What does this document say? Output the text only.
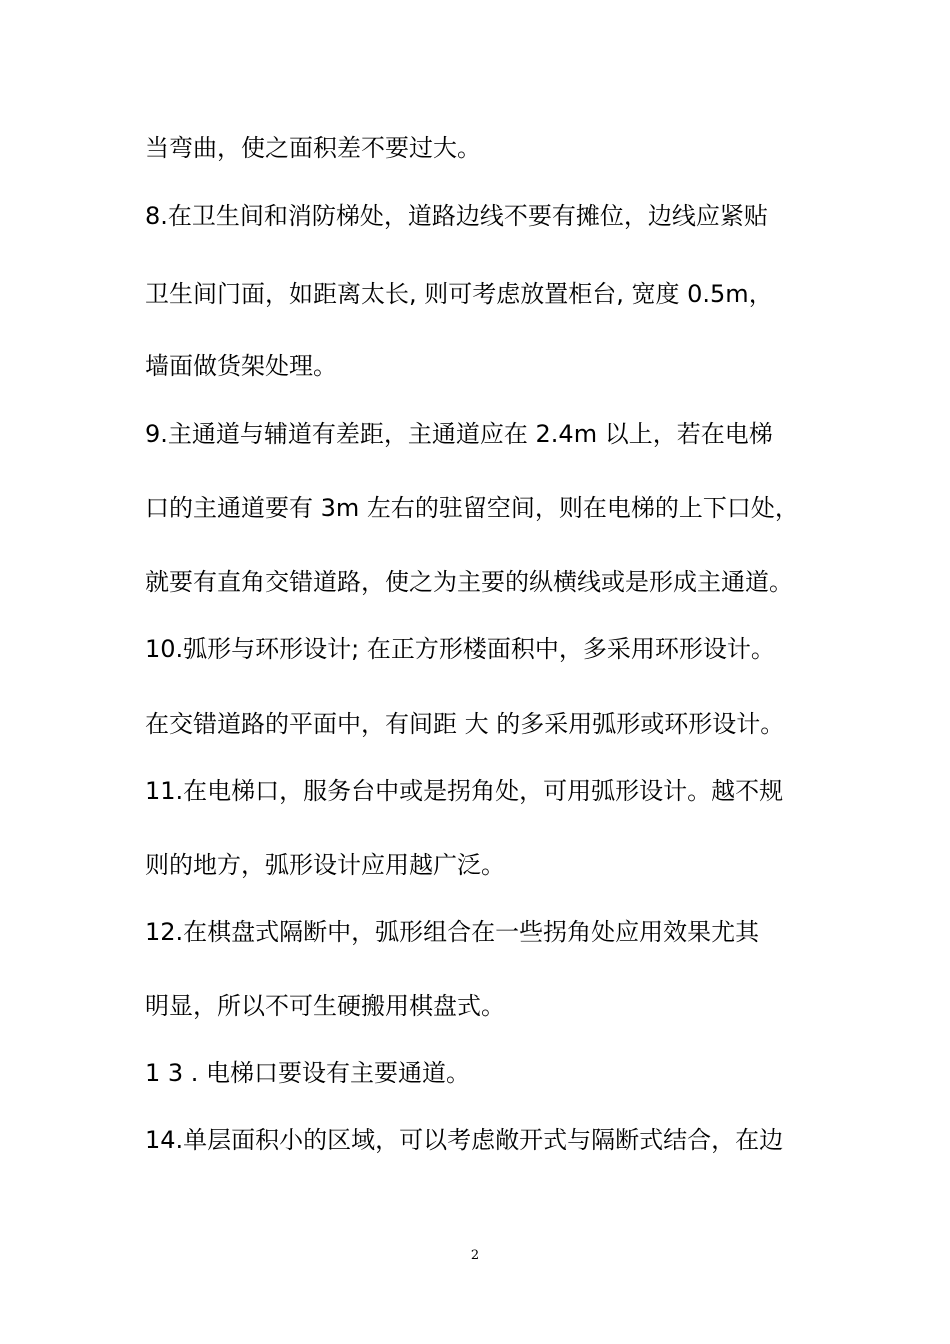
当弯曲，使之面积差不要过大。
8.在卫生间和消防梯处，道路边线不要有摊位，边线应紧贴
卫生间门面，如距离太长, 则可考虑放置柜台, 宽度 0.5m，
墙面做货架处理。
9.主通道与辅道有差距，主通道应在 2.4m 以上，若在电梯
口的主通道要有 3m 左右的驻留空间，则在电梯的上下口处，
就要有直角交错道路，使之为主要的纵横线或是形成主通道。
10.弧形与环形设计; 在正方形楼面积中，多采用环形设计。
在交错道路的平面中，有间距 大 的多采用弧形或环形设计。
11.在电梯口，服务台中或是拐角处，可用弧形设计。越不规
则的地方，弧形设计应用越广泛。
12.在棋盘式隔断中，弧形组合在一些拐角处应用效果尤其
明显，所以不可生硬搬用棋盘式。
1 3 . 电梯口要设有主要通道。
14.单层面积小的区域，可以考虑敞开式与隔断式结合，在边
2
